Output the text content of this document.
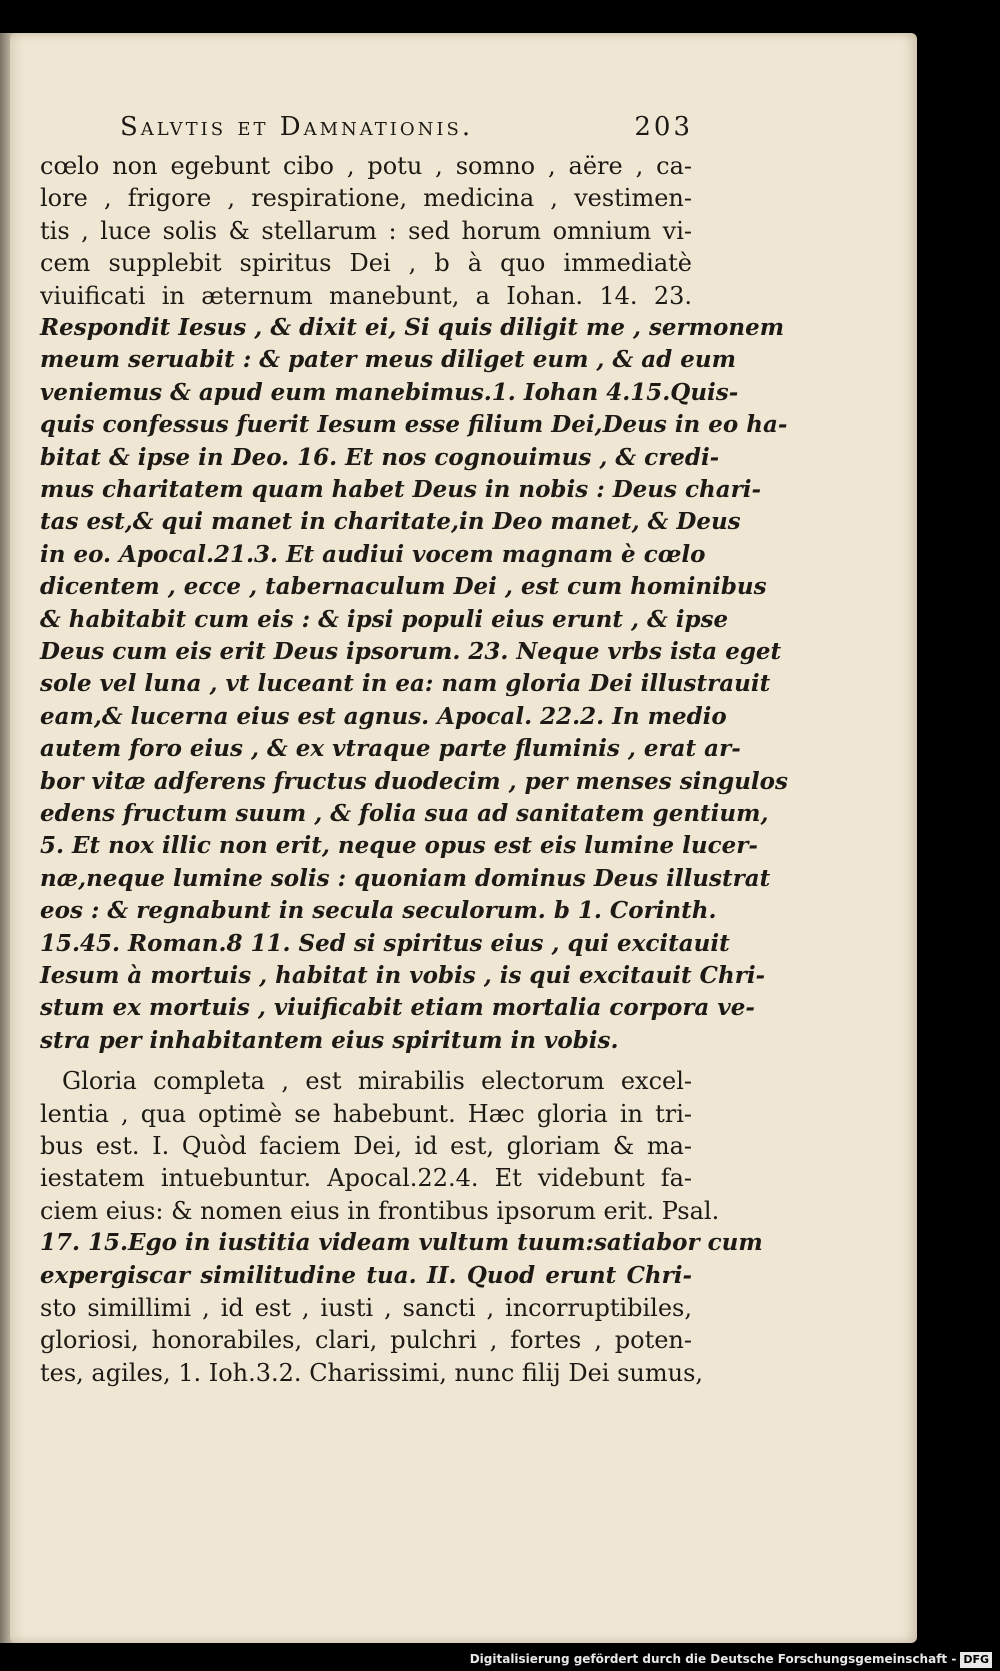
Salvtis et Damnationis.	203
cœlo non egebunt cibo , potu , somno , aëre , ca-
lore , frigore , respiratione, medicina , vestimen-
tis , luce solis & stellarum : sed horum omnium vi-
cem supplebit spiritus Dei , b à quo immediatè
viuificati in æternum manebunt, a Iohan. 14. 23.
Respondit Iesus , & dixit ei, Si quis diligit me , sermonem
meum seruabit : & pater meus diliget eum , & ad eum
veniemus & apud eum manebimus.1. Iohan 4.15.Quis-
quis confessus fuerit Iesum esse filium Dei,Deus in eo ha-
bitat & ipse in Deo. 16. Et nos cognouimus , & credi-
mus charitatem quam habet Deus in nobis : Deus chari-
tas est,& qui manet in charitate,in Deo manet, & Deus
in eo. Apocal.21.3. Et audiui vocem magnam è cœlo
dicentem , ecce , tabernaculum Dei , est cum hominibus
& habitabit cum eis : & ipsi populi eius erunt , & ipse
Deus cum eis erit Deus ipsorum. 23. Neque vrbs ista eget
sole vel luna , vt luceant in ea: nam gloria Dei illustrauit
eam,& lucerna eius est agnus. Apocal. 22.2. In medio
autem foro eius , & ex vtraque parte fluminis , erat ar-
bor vitæ adferens fructus duodecim , per menses singulos
edens fructum suum , & folia sua ad sanitatem gentium,
5. Et nox illic non erit, neque opus est eis lumine lucer-
næ,neque lumine solis : quoniam dominus Deus illustrat
eos : & regnabunt in secula seculorum. b 1. Corinth.
15.45. Roman.8 11. Sed si spiritus eius , qui excitauit
Iesum à mortuis , habitat in vobis , is qui excitauit Chri-
stum ex mortuis , viuificabit etiam mortalia corpora ve-
stra per inhabitantem eius spiritum in vobis.
Gloria completa , est mirabilis electorum excel-
lentia , qua optimè se habebunt. Hæc gloria in tri-
bus est. I. Quòd faciem Dei, id est, gloriam & ma-
iestatem intuebuntur. Apocal.22.4. Et videbunt fa-
ciem eius: & nomen eius in frontibus ipsorum erit. Psal.
17. 15.Ego in iustitia videam vultum tuum:satiabor cum
expergiscar similitudine tua. II. Quod erunt Chri-
sto simillimi , id est , iusti , sancti , incorruptibiles,
gloriosi, honorabiles, clari, pulchri , fortes , poten-
tes, agiles, 1. Ioh.3.2. Charissimi, nunc filij Dei sumus,
Digitalisierung gefördert durch die Deutsche Forschungsgemeinschaft - DFG
